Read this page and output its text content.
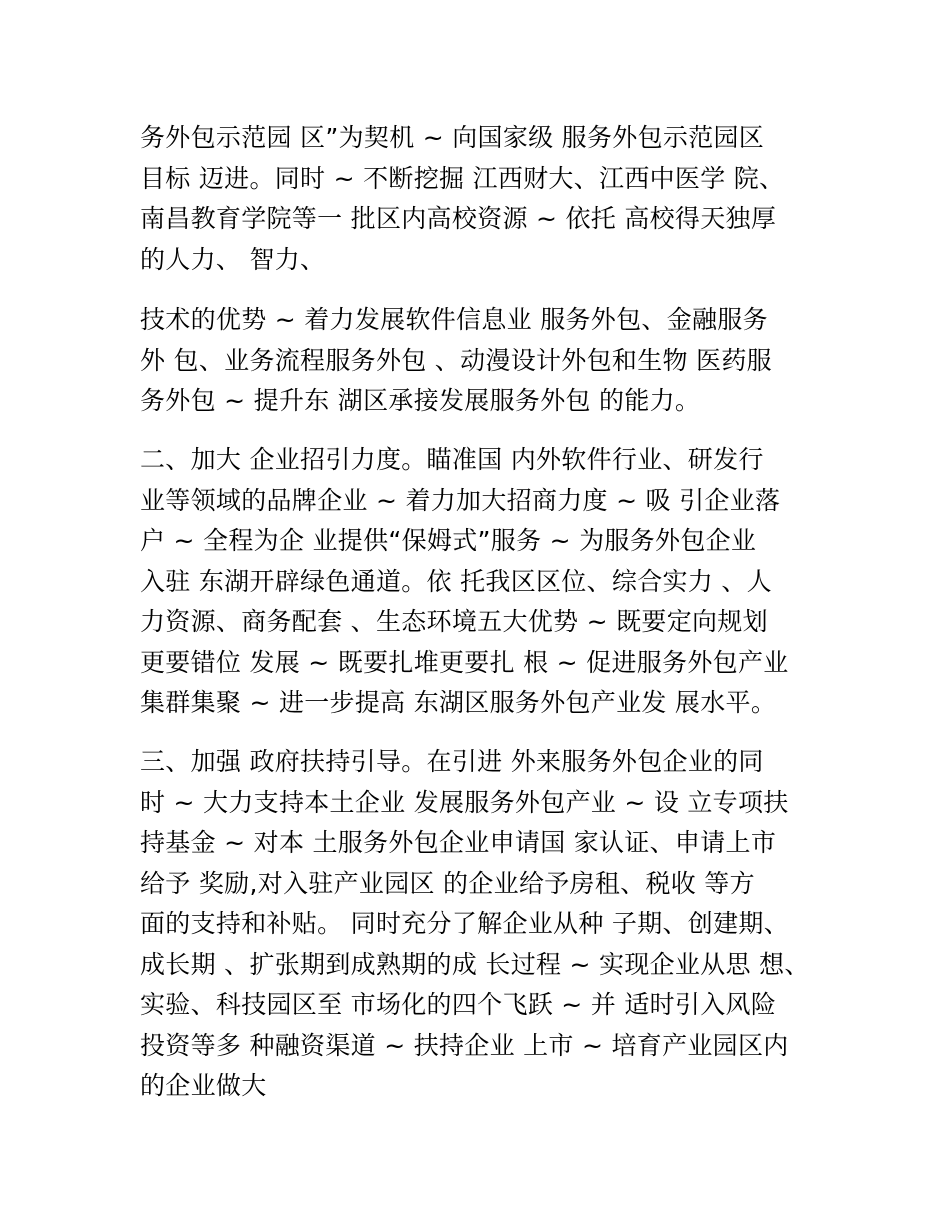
务外包示范园 区”为契机 ~ 向国家级 服务外包示范园区
目标 迈进。同时 ~ 不断挖掘 江西财大、江西中医学 院、
南昌教育学院等一 批区内高校资源 ~ 依托 高校得天独厚
的人力、 智力、
技术的优势 ~ 着力发展软件信息业 服务外包、金融服务
外 包、业务流程服务外包 、动漫设计外包和生物 医药服
务外包 ~ 提升东 湖区承接发展服务外包 的能力。
二、加大 企业招引力度。瞄准国 内外软件行业、研发行
业等领域的品牌企业 ~ 着力加大招商力度 ~ 吸 引企业落
户 ~ 全程为企 业提供“保姆式”服务 ~ 为服务外包企业
入驻 东湖开辟绿色通道。依 托我区区位、综合实力 、人
力资源、商务配套 、生态环境五大优势 ~ 既要定向规划
更要错位 发展 ~ 既要扎堆更要扎 根 ~ 促进服务外包产业
集群集聚 ~ 进一步提高 东湖区服务外包产业发 展水平。
三、加强 政府扶持引导。在引进 外来服务外包企业的同
时 ~ 大力支持本土企业 发展服务外包产业 ~ 设 立专项扶
持基金 ~ 对本 土服务外包企业申请国 家认证、申请上市
给予 奖励,对入驻产业园区 的企业给予房租、税收 等方
面的支持和补贴。 同时充分了解企业从种 子期、创建期、
成长期 、扩张期到成熟期的成 长过程 ~ 实现企业从思 想、
实验、科技园区至 市场化的四个飞跃 ~ 并 适时引入风险
投资等多 种融资渠道 ~ 扶持企业 上市 ~ 培育产业园区内
的企业做大
